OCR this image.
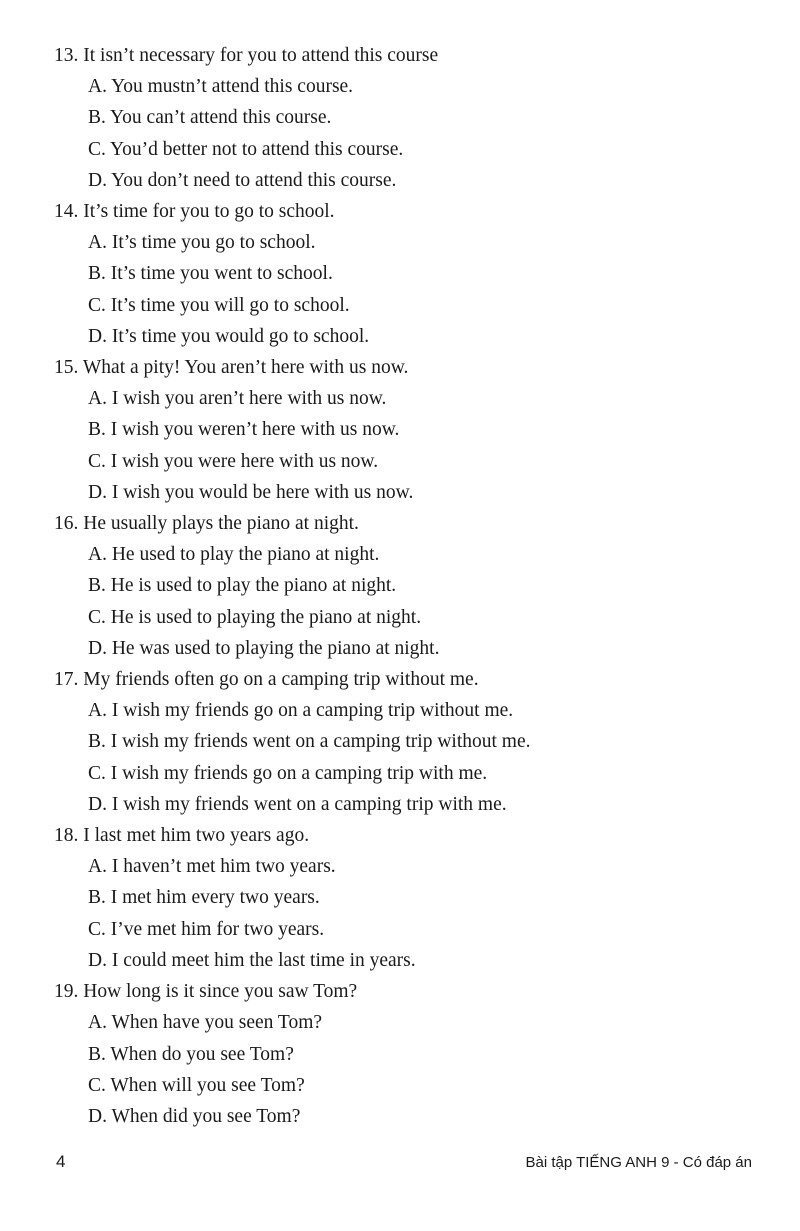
13. It isn’t necessary for you to attend this course
A. You mustn’t attend this course.
B. You can’t attend this course.
C. You’d better not to attend this course.
D. You don’t need to attend this course.
14. It’s time for you to go to school.
A. It’s time you go to school.
B. It’s time you went to school.
C. It’s time you will go to school.
D. It’s time you would go to school.
15. What a pity! You aren’t here with us now.
A. I wish you aren’t here with us now.
B. I wish you weren’t here with us now.
C. I wish you were here with us now.
D. I wish you would be here with us now.
16. He usually plays the piano at night.
A. He used to play the piano at night.
B. He is used to play the piano at night.
C. He is used to playing the piano at night.
D. He was used to playing the piano at night.
17. My friends often go on a camping trip without me.
A. I wish my friends go on a camping trip without me.
B. I wish my friends went on a camping trip without me.
C. I wish my friends go on a camping trip with me.
D. I wish my friends went on a camping trip with me.
18. I last met him two years ago.
A. I haven’t met him two years.
B. I met him every two years.
C. I’ve met him for two years.
D. I could meet him the last time in years.
19. How long is it since you saw Tom?
A. When have you seen Tom?
B. When do you see Tom?
C. When will you see Tom?
D. When did you see Tom?
4	Bài tập TIẾNG ANH 9 - Có đáp án
